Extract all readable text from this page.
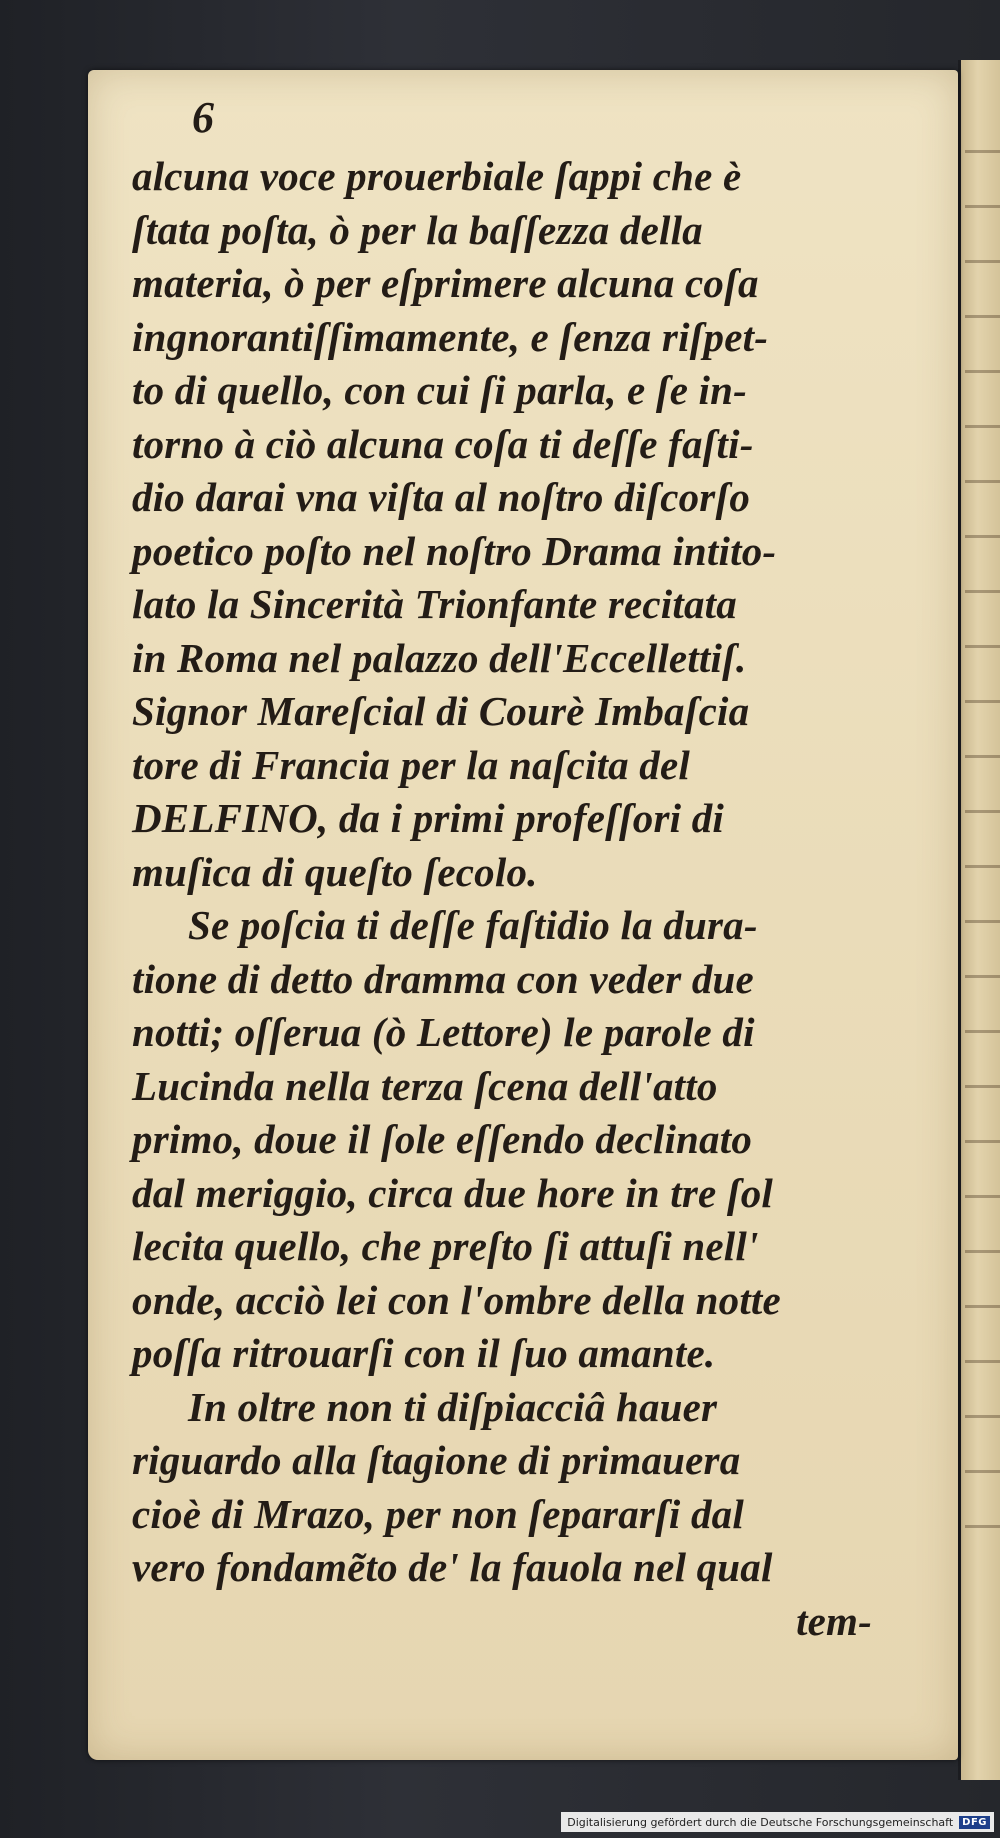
6
alcuna voce prouerbiale ſappi che è
ſtata poſta, ò per la baſſezza della
materia, ò per eſprimere alcuna coſa
ingnorantiſſimamente, e ſenza riſpet-
to di quello, con cui ſi parla, e ſe in-
torno à ciò alcuna coſa ti deſſe faſti-
dio darai vna viſta al noſtro diſcorſo
poetico poſto nel noſtro Drama intito-
lato la Sincerità Trionfante recitata
in Roma nel palazzo dell'Eccellettiſ.
Signor Mareſcial di Courè Imbaſcia
tore di Francia per la naſcita del
DELFINO, da i primi profeſſori di
muſica di queſto ſecolo.
Se poſcia ti deſſe faſtidio la dura-
tione di detto dramma con veder due
notti; oſſerua (ò Lettore) le parole di
Lucinda nella terza ſcena dell'atto
primo, doue il ſole eſſendo declinato
dal meriggio, circa due hore in tre ſol
lecita quello, che preſto ſi attuſi nell'
onde, acciò lei con l'ombre della notte
poſſa ritrouarſi con il ſuo amante.
In oltre non ti diſpiacciâ hauer
riguardo alla ſtagione di primauera
cioè di Mrazo, per non ſepararſi dal
vero fondamẽto de' la fauola nel qual
tem-
Digitalisierung gefördert durch die Deutsche Forschungsgemeinschaft DFG
